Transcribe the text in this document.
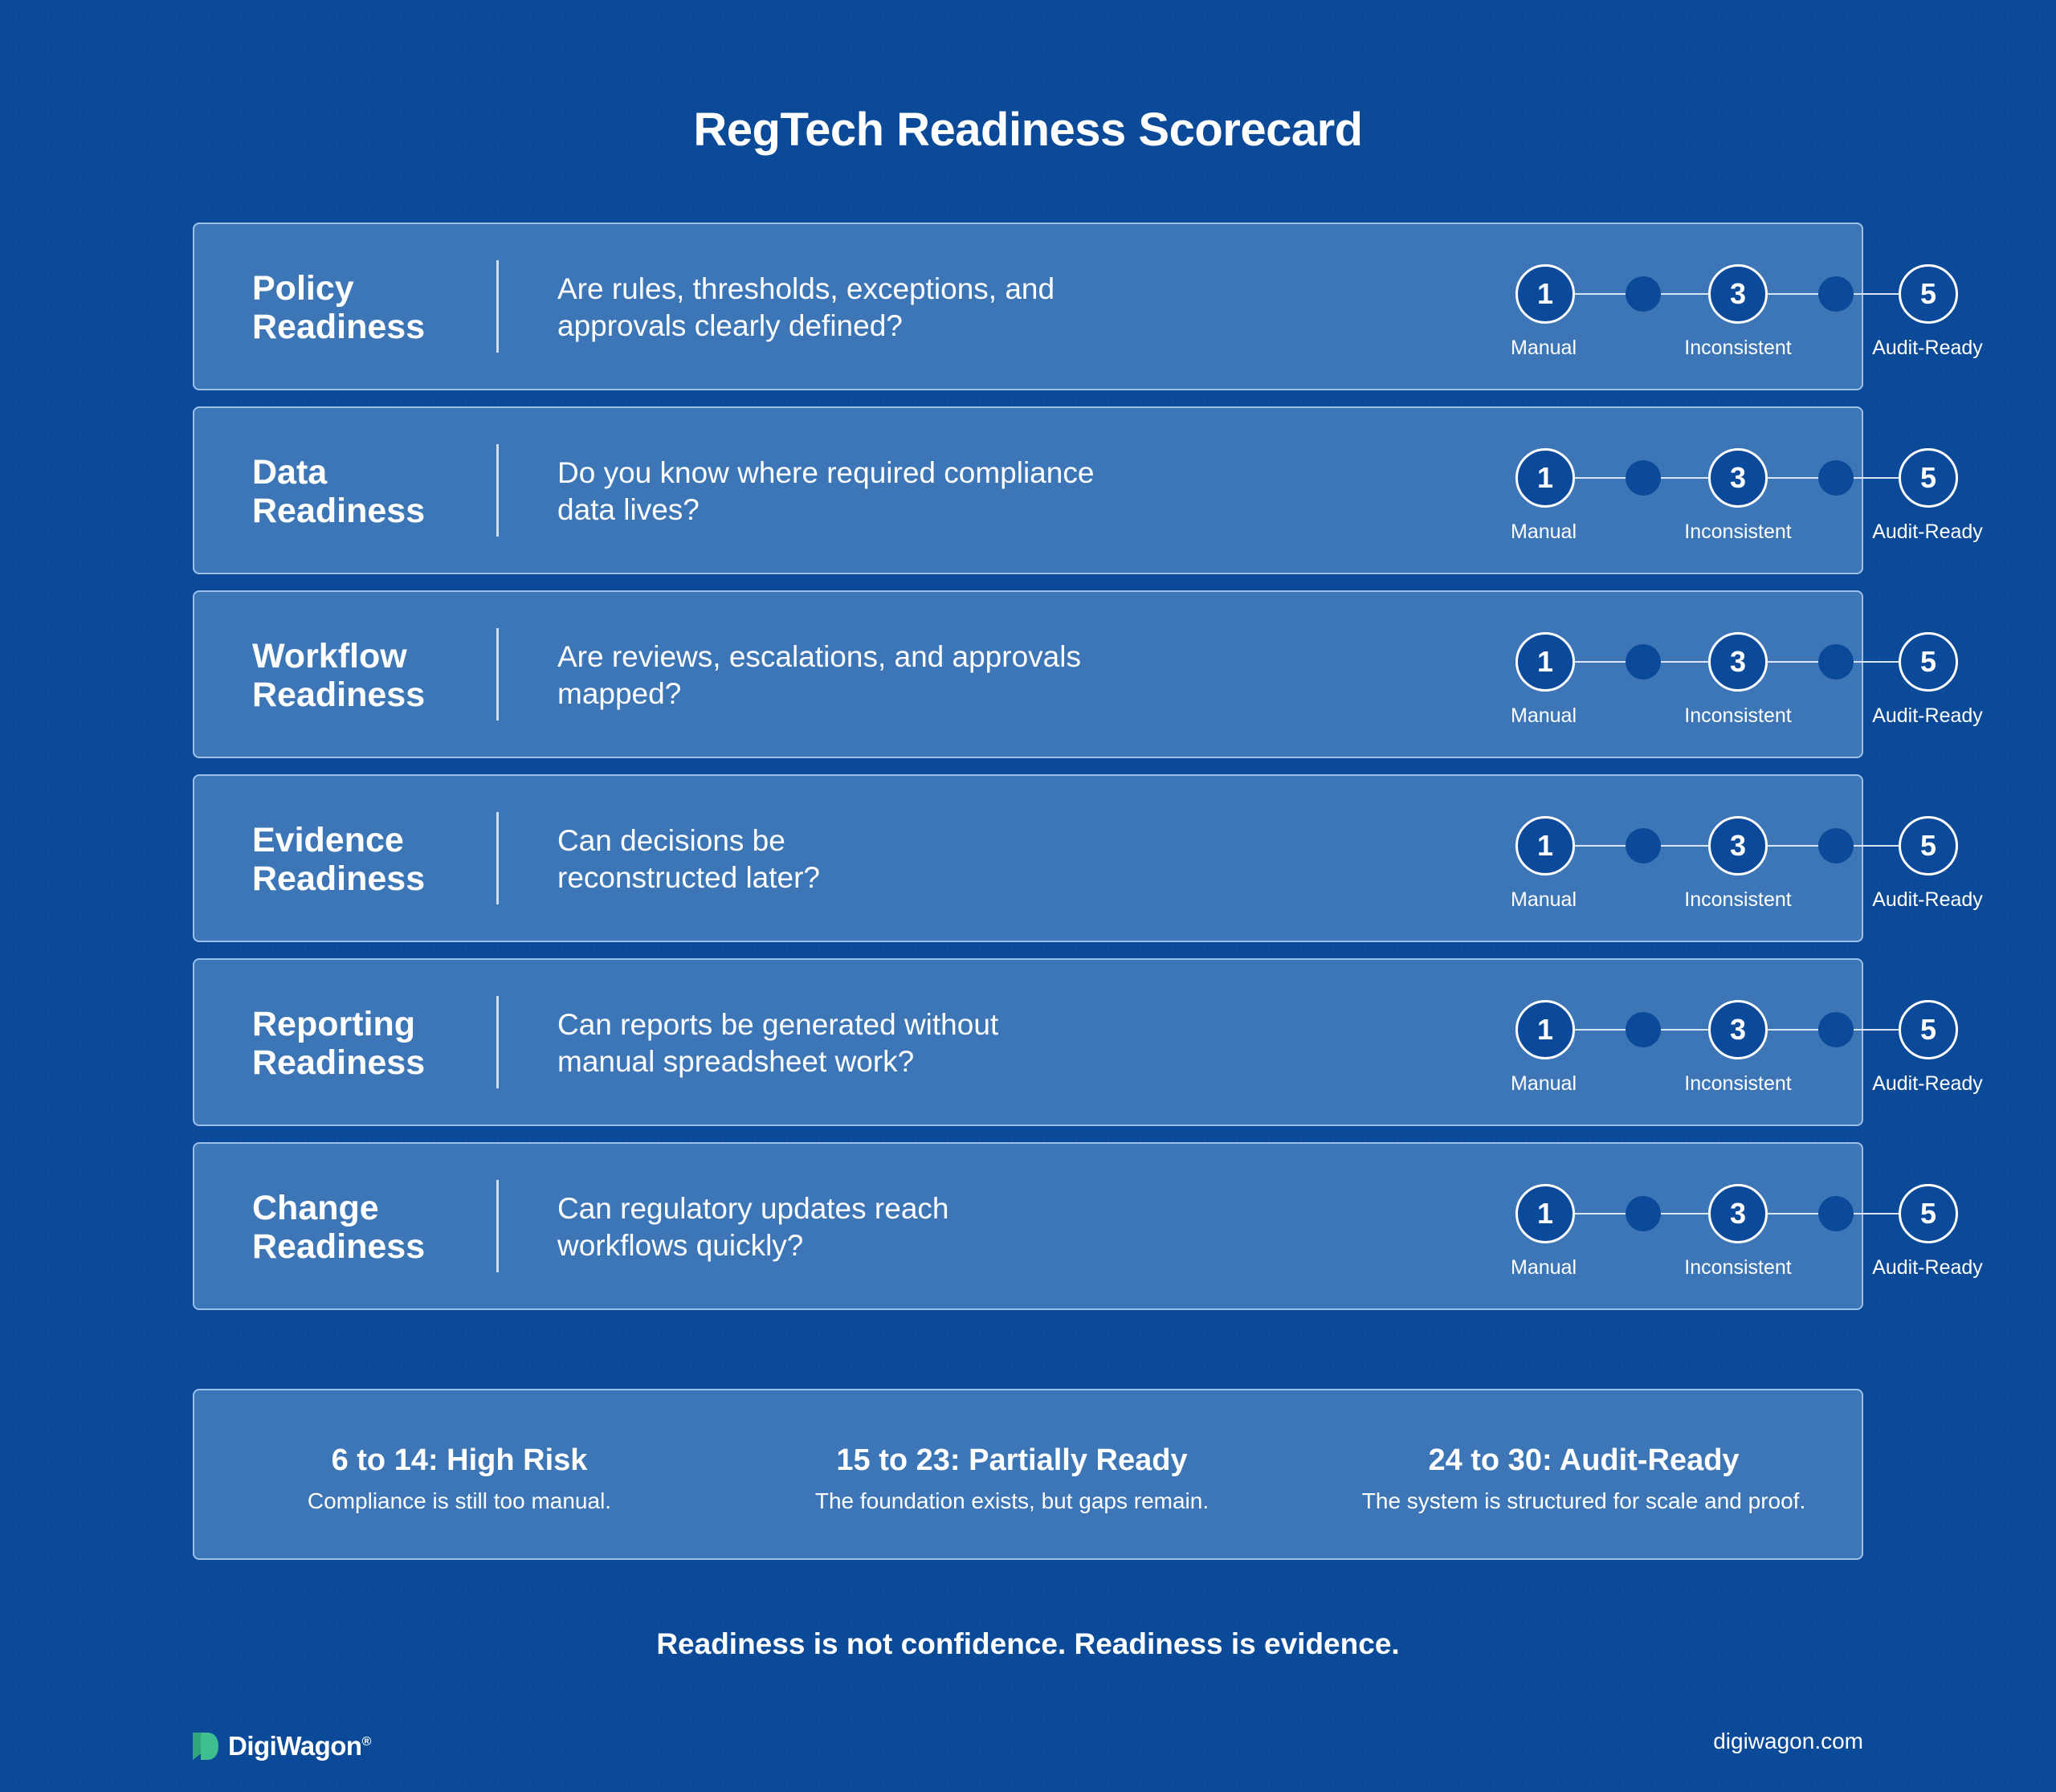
RegTech Readiness Scorecard
Policy
Readiness
Are rules, thresholds, exceptions, and
approvals clearly defined?
1	3	5
Manual	Inconsistent	Audit-Ready
Data
Readiness
Do you know where required compliance
data lives?
1	3	5
Manual	Inconsistent	Audit-Ready
Workflow
Readiness
Are reviews, escalations, and approvals
mapped?
1	3	5
Manual	Inconsistent	Audit-Ready
Evidence
Readiness
Can decisions be
reconstructed later?
1	3	5
Manual	Inconsistent	Audit-Ready
Reporting
Readiness
Can reports be generated without
manual spreadsheet work?
1	3	5
Manual	Inconsistent	Audit-Ready
Change
Readiness
Can regulatory updates reach
workflows quickly?
1	3	5
Manual	Inconsistent	Audit-Ready
6 to 14: High Risk
Compliance is still too manual.
15 to 23: Partially Ready
The foundation exists, but gaps remain.
24 to 30: Audit-Ready
The system is structured for scale and proof.
Readiness is not confidence. Readiness is evidence.
DigiWagon®	digiwagon.com
